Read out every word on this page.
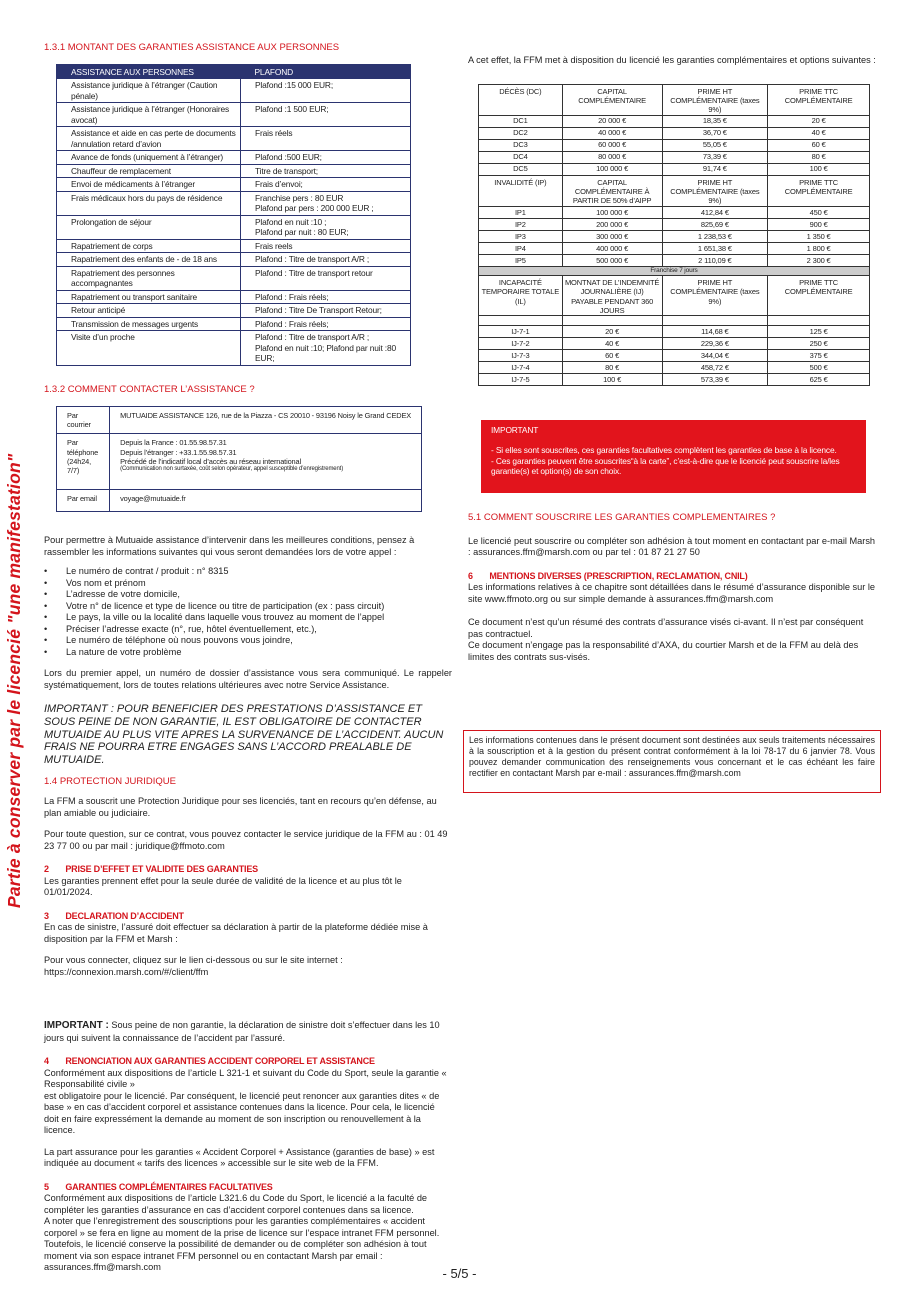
Partie à conserver par le licencié "une manifestation"
1.3.1 MONTANT DES GARANTIES ASSISTANCE AUX PERSONNES
ASSISTANCE AUX PERSONNES	PLAFOND
Assistance juridique à l’étranger (Caution pénale)	Plafond :15 000 EUR;
Assistance juridique à l’étranger (Honoraires avocat)	Plafond :1 500 EUR;
Assistance et aide en cas perte de documents /annulation retard d’avion	Frais réels
Avance de fonds (uniquement à l’étranger)	Plafond :500 EUR;
Chauffeur de remplacement	Titre de transport;
Envoi de médicaments à l’étranger	Frais d’envoi;
Frais médicaux hors du pays de résidence	Franchise pers : 80 EUR
Plafond par pers : 200 000 EUR ;
Prolongation de séjour	Plafond en nuit :10 ;
Plafond par nuit : 80 EUR;
Rapatriement de corps	Frais reels
Rapatriement des enfants de - de 18 ans	Plafond : Titre de transport A/R ;
Rapatriement des personnes accompagnantes	Plafond : Titre de transport retour
Rapatriement ou transport sanitaire	Plafond : Frais réels;
Retour anticipé	Plafond : Titre De Transport Retour;
Transmission de messages urgents	Plafond : Frais réels;
Visite d’un proche	Plafond : Titre de transport A/R ;
Plafond en nuit :10; Plafond par nuit :80 EUR;
1.3.2 COMMENT CONTACTER L’ASSISTANCE ?
Par courrier	MUTUAIDE ASSISTANCE 126, rue de la Piazza - CS 20010 - 93196 Noisy le Grand CEDEX
Par téléphone (24h24, 7/7)	Depuis la France : 01.55.98.57.31
Depuis l’étranger : +33.1.55.98.57.31
Précédé de l’indicatif local d’accès au réseau international
(Communication non surtaxée, coût selon opérateur, appel susceptible d’enregistrement)

Par email	voyage@mutuaide.fr

Pour permettre à Mutuaide assistance d’intervenir dans les meilleures conditions, pensez à rassembler les informations suivantes qui vous seront demandées lors de votre appel :

• Le numéro de contrat / produit : n° 8315
• Vos nom et prénom
• L’adresse de votre domicile,
• Votre n° de licence et type de licence ou titre de participation (ex : pass circuit)
• Le pays, la ville ou la localité dans laquelle vous trouvez au moment de l’appel
• Préciser l’adresse exacte (n°, rue, hôtel éventuellement, etc.),
• Le numéro de téléphone où nous pouvons vous joindre,
• La nature de votre problème

Lors du premier appel, un numéro de dossier d’assistance vous sera communiqué. Le rappeler systématiquement, lors de toutes relations ultérieures avec notre Service Assistance.

IMPORTANT : POUR BENEFICIER DES PRESTATIONS D’ASSISTANCE ET SOUS PEINE DE NON GARANTIE, IL EST OBLIGATOIRE DE CONTACTER MUTUAIDE AU PLUS VITE APRES LA SURVENANCE DE L’ACCIDENT. AUCUN FRAIS NE POURRA ETRE ENGAGES SANS L’ACCORD PREALABLE DE MUTUAIDE.

1.4 PROTECTION JURIDIQUE

La FFM a souscrit une Protection Juridique pour ses licenciés, tant en recours qu’en défense, au plan amiable ou judiciaire.

Pour toute question, sur ce contrat, vous pouvez contacter le service juridique de la FFM au : 01 49 23 77 00 ou par mail : juridique@ffmoto.com

2 PRISE D’EFFET ET VALIDITE DES GARANTIES

Les garanties prennent effet pour la seule durée de validité de la licence et au plus tôt le 01/01/2024.

3 DECLARATION D’ACCIDENT

En cas de sinistre, l’assuré doit effectuer sa déclaration à partir de la plateforme dédiée mise à disposition par la FFM et Marsh :

Pour vous connecter, cliquez sur le lien ci-dessous ou sur le site internet :

https://connexion.marsh.com/#/client/ffm

IMPORTANT : Sous peine de non garantie, la déclaration de sinistre doit s’effectuer dans les 10 jours qui suivent la connaissance de l’accident par l’assuré.

4 RENONCIATION AUX GARANTIES ACCIDENT CORPOREL ET ASSISTANCE

Conformément aux dispositions de l’article L 321-1 et suivant du Code du Sport, seule la garantie « Responsabilité civile »

est obligatoire pour le licencié. Par conséquent, le licencié peut renoncer aux garanties dites « de base » en cas d’accident corporel et assistance contenues dans la licence. Pour cela, le licencié doit en faire expressément la demande au moment de son inscription ou renouvellement à la licence.

La part assurance pour les garanties « Accident Corporel + Assistance (garanties de base) » est indiquée au document « tarifs des licences » accessible sur le site web de la FFM.

5 GARANTIES COMPLÉMENTAIRES FACULTATIVES

Conformément aux dispositions de l’article L321.6 du Code du Sport, le licencié a la faculté de compléter les garanties d’assurance en cas d’accident corporel contenues dans sa licence.

A noter que l’enregistrement des souscriptions pour les garanties complémentaires « accident corporel » se fera en ligne au moment de la prise de licence sur l’espace intranet FFM personnel.

Toutefois, le licencié conserve la possibilité de demander ou de compléter son adhésion à tout moment via son espace intranet FFM personnel ou en contactant Marsh par email : assurances.ffm@marsh.com

A cet effet, la FFM met à disposition du licencié les garanties complémentaires et options suivantes :

DÉCÈS (DC)	CAPITAL COMPLÉMENTAIRE	PRIME HT COMPLÉMENTAIRE (taxes 9%)	PRIME TTC COMPLÉMENTAIRE
DC1	20 000 €	18,35 €	20 €
DC2	40 000 €	36,70 €	40 €
DC3	60 000 €	55,05 €	60 €
DC4	80 000 €	73,39 €	80 €
DC5	100 000 €	91,74 €	100 €
INVALIDITÉ (IP)	CAPITAL COMPLÉMENTAIRE À PARTIR DE 50% d’AIPP	PRIME HT COMPLÉMENTAIRE (taxes 9%)	PRIME TTC COMPLÉMENTAIRE
IP1	100 000 €	412,84 €	450 €
IP2	200 000 €	825,69 €	900 €
IP3	300 000 €	1 238,53 €	1 350 €
IP4	400 000 €	1 651,38 €	1 800 €
IP5	500 000 €	2 110,09 €	2 300 €
Franchise 7 jours			
INCAPACITÉ TEMPORAIRE TOTALE (IL)	MONTNAT DE L’INDEMNITÉ JOURNALIÈRE (IJ) PAYABLE PENDANT 360 JOURS	PRIME HT COMPLÉMENTAIRE (taxes 9%)	PRIME TTC COMPLÉMENTAIRE

IJ-7-1	20 €	114,68 €	125 €
IJ-7-2	40 €	229,36 €	250 €
IJ-7-3	60 €	344,04 €	375 €
IJ-7-4	80 €	458,72 €	500 €
IJ-7-5	100 €	573,39 €	625 €
IMPORTANT
- Si elles sont souscrites, ces garanties facultatives complètent les garanties de base à la licence.
- Ces garanties peuvent être souscrites“à la carte”, c’est-à-dire que le licencié peut souscrire la/les garantie(s) et option(s) de son choix.
5.1 COMMENT SOUSCRIRE LES GARANTIES COMPLEMENTAIRES ?

Le licencié peut souscrire ou compléter son adhésion à tout moment en contactant par e-mail Marsh : assurances.ffm@marsh.com ou par tel : 01 87 21 27 50

6 MENTIONS DIVERSES (PRESCRIPTION, RECLAMATION, CNIL)

Les informations relatives à ce chapitre sont détaillées dans le résumé d’assurance disponible sur le site www.ffmoto.org ou sur simple demande à assurances.ffm@marsh.com

Ce document n’est qu’un résumé des contrats d’assurance visés ci-avant. Il n’est par conséquent pas contractuel.

Ce document n’engage pas la responsabilité d’AXA, du courtier Marsh et de la FFM au delà des limites des contrats sus-visés.

Les informations contenues dans le présent document sont destinées aux seuls traitements nécessaires à la souscription et à la gestion du présent contrat conformément à la loi 78-17 du 6 janvier 78. Vous pouvez demander communication des renseignements vous concernant et le cas échéant les faire rectifier en contactant Marsh par e-mail : assurances.ffm@marsh.com
- 5/5 -
